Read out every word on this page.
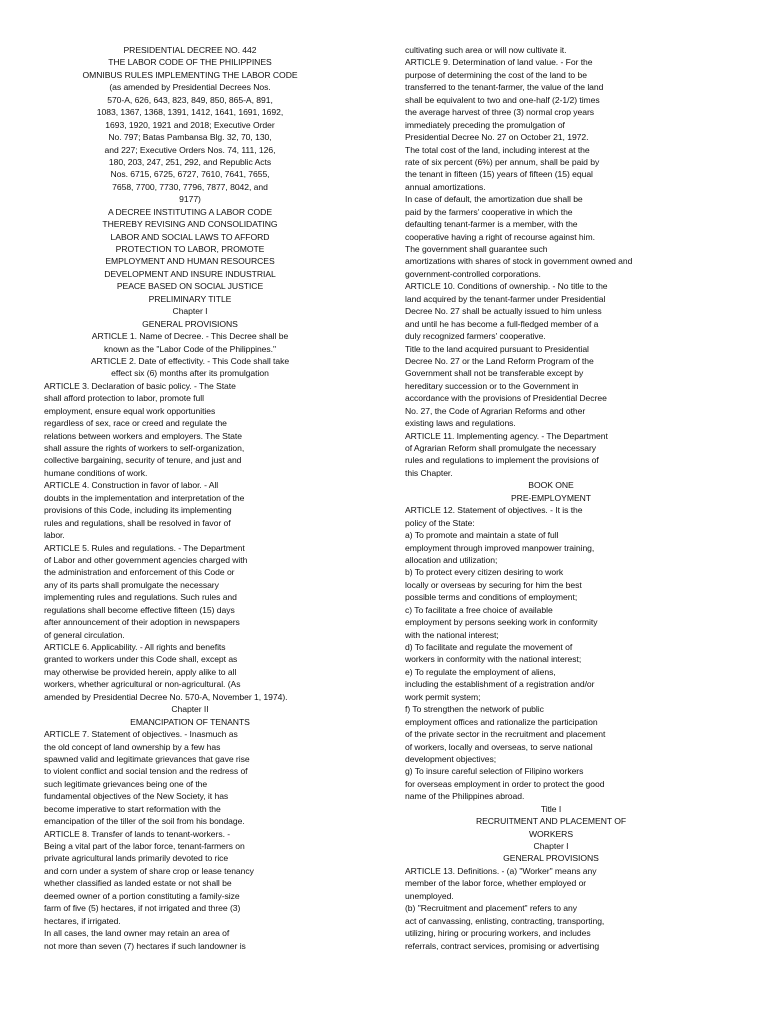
PRESIDENTIAL DECREE NO. 442
THE LABOR CODE OF THE PHILIPPINES
OMNIBUS RULES IMPLEMENTING THE LABOR CODE
(as amended by Presidential Decrees Nos.
570-A, 626, 643, 823, 849, 850, 865-A, 891,
1083, 1367, 1368, 1391, 1412, 1641, 1691, 1692,
1693, 1920, 1921 and 2018; Executive Order
No. 797; Batas Pambansa Blg. 32, 70, 130,
and 227; Executive Orders Nos. 74, 111, 126,
180, 203, 247, 251, 292, and Republic Acts
Nos. 6715, 6725, 6727, 7610, 7641, 7655,
7658, 7700, 7730, 7796, 7877, 8042, and
9177)
A DECREE INSTITUTING A LABOR CODE
THEREBY REVISING AND CONSOLIDATING
LABOR AND SOCIAL LAWS TO AFFORD
PROTECTION TO LABOR, PROMOTE
EMPLOYMENT AND HUMAN RESOURCES
DEVELOPMENT AND INSURE INDUSTRIAL
PEACE BASED ON SOCIAL JUSTICE
PRELIMINARY TITLE
Chapter I
GENERAL PROVISIONS
ARTICLE 1. Name of Decree. - This Decree shall be
known as the "Labor Code of the Philippines."
ARTICLE 2. Date of effectivity. - This Code shall take
effect six (6) months after its promulgation
ARTICLE 3. Declaration of basic policy. - The State
shall afford protection to labor, promote full
employment, ensure equal work opportunities
regardless of sex, race or creed and regulate the
relations between workers and employers. The State
shall assure the rights of workers to self-organization,
collective bargaining, security of tenure, and just and
humane conditions of work.
ARTICLE 4. Construction in favor of labor. - All
doubts in the implementation and interpretation of the
provisions of this Code, including its implementing
rules and regulations, shall be resolved in favor of
labor.
ARTICLE 5. Rules and regulations. - The Department
of Labor and other government agencies charged with
the administration and enforcement of this Code or
any of its parts shall promulgate the necessary
implementing rules and regulations. Such rules and
regulations shall become effective fifteen (15) days
after announcement of their adoption in newspapers
of general circulation.
ARTICLE 6. Applicability. - All rights and benefits
granted to workers under this Code shall, except as
may otherwise be provided herein, apply alike to all
workers, whether agricultural or non-agricultural. (As
amended by Presidential Decree No. 570-A, November 1, 1974).
Chapter II
EMANCIPATION OF TENANTS
ARTICLE 7. Statement of objectives. - Inasmuch as
the old concept of land ownership by a few has
spawned valid and legitimate grievances that gave rise
to violent conflict and social tension and the redress of
such legitimate grievances being one of the
fundamental objectives of the New Society, it has
become imperative to start reformation with the
emancipation of the tiller of the soil from his bondage.
ARTICLE 8. Transfer of lands to tenant-workers. -
Being a vital part of the labor force, tenant-farmers on
private agricultural lands primarily devoted to rice
and corn under a system of share crop or lease tenancy
whether classified as landed estate or not shall be
deemed owner of a portion constituting a family-size
farm of five (5) hectares, if not irrigated and three (3)
hectares, if irrigated.
In all cases, the land owner may retain an area of
not more than seven (7) hectares if such landowner is
cultivating such area or will now cultivate it.
ARTICLE 9. Determination of land value. - For the
purpose of determining the cost of the land to be
transferred to the tenant-farmer, the value of the land
shall be equivalent to two and one-half (2-1/2) times
the average harvest of three (3) normal crop years
immediately preceding the promulgation of
Presidential Decree No. 27 on October 21, 1972.
The total cost of the land, including interest at the
rate of six percent (6%) per annum, shall be paid by
the tenant in fifteen (15) years of fifteen (15) equal
annual amortizations.
In case of default, the amortization due shall be
paid by the farmers' cooperative in which the
defaulting tenant-farmer is a member, with the
cooperative having a right of recourse against him.
The government shall guarantee such
amortizations with shares of stock in government owned and
government-controlled corporations.
ARTICLE 10. Conditions of ownership. - No title to the
land acquired by the tenant-farmer under Presidential
Decree No. 27 shall be actually issued to him unless
and until he has become a full-fledged member of a
duly recognized farmers' cooperative.
Title to the land acquired pursuant to Presidential
Decree No. 27 or the Land Reform Program of the
Government shall not be transferable except by
hereditary succession or to the Government in
accordance with the provisions of Presidential Decree
No. 27, the Code of Agrarian Reforms and other
existing laws and regulations.
ARTICLE 11. Implementing agency. - The Department
of Agrarian Reform shall promulgate the necessary
rules and regulations to implement the provisions of
this Chapter.
BOOK ONE
PRE-EMPLOYMENT
ARTICLE 12. Statement of objectives. - It is the
policy of the State:
a) To promote and maintain a state of full
employment through improved manpower training,
allocation and utilization;
b) To protect every citizen desiring to work
locally or overseas by securing for him the best
possible terms and conditions of employment;
c) To facilitate a free choice of available
employment by persons seeking work in conformity
with the national interest;
d) To facilitate and regulate the movement of
workers in conformity with the national interest;
e) To regulate the employment of aliens,
including the establishment of a registration and/or
work permit system;
f) To strengthen the network of public
employment offices and rationalize the participation
of the private sector in the recruitment and placement
of workers, locally and overseas, to serve national
development objectives;
g) To insure careful selection of Filipino workers
for overseas employment in order to protect the good
name of the Philippines abroad.
Title I
RECRUITMENT AND PLACEMENT OF
WORKERS
Chapter I
GENERAL PROVISIONS
ARTICLE 13. Definitions. - (a) "Worker" means any
member of the labor force, whether employed or
unemployed.
(b) "Recruitment and placement" refers to any
act of canvassing, enlisting, contracting, transporting,
utilizing, hiring or procuring workers, and includes
referrals, contract services, promising or advertising
